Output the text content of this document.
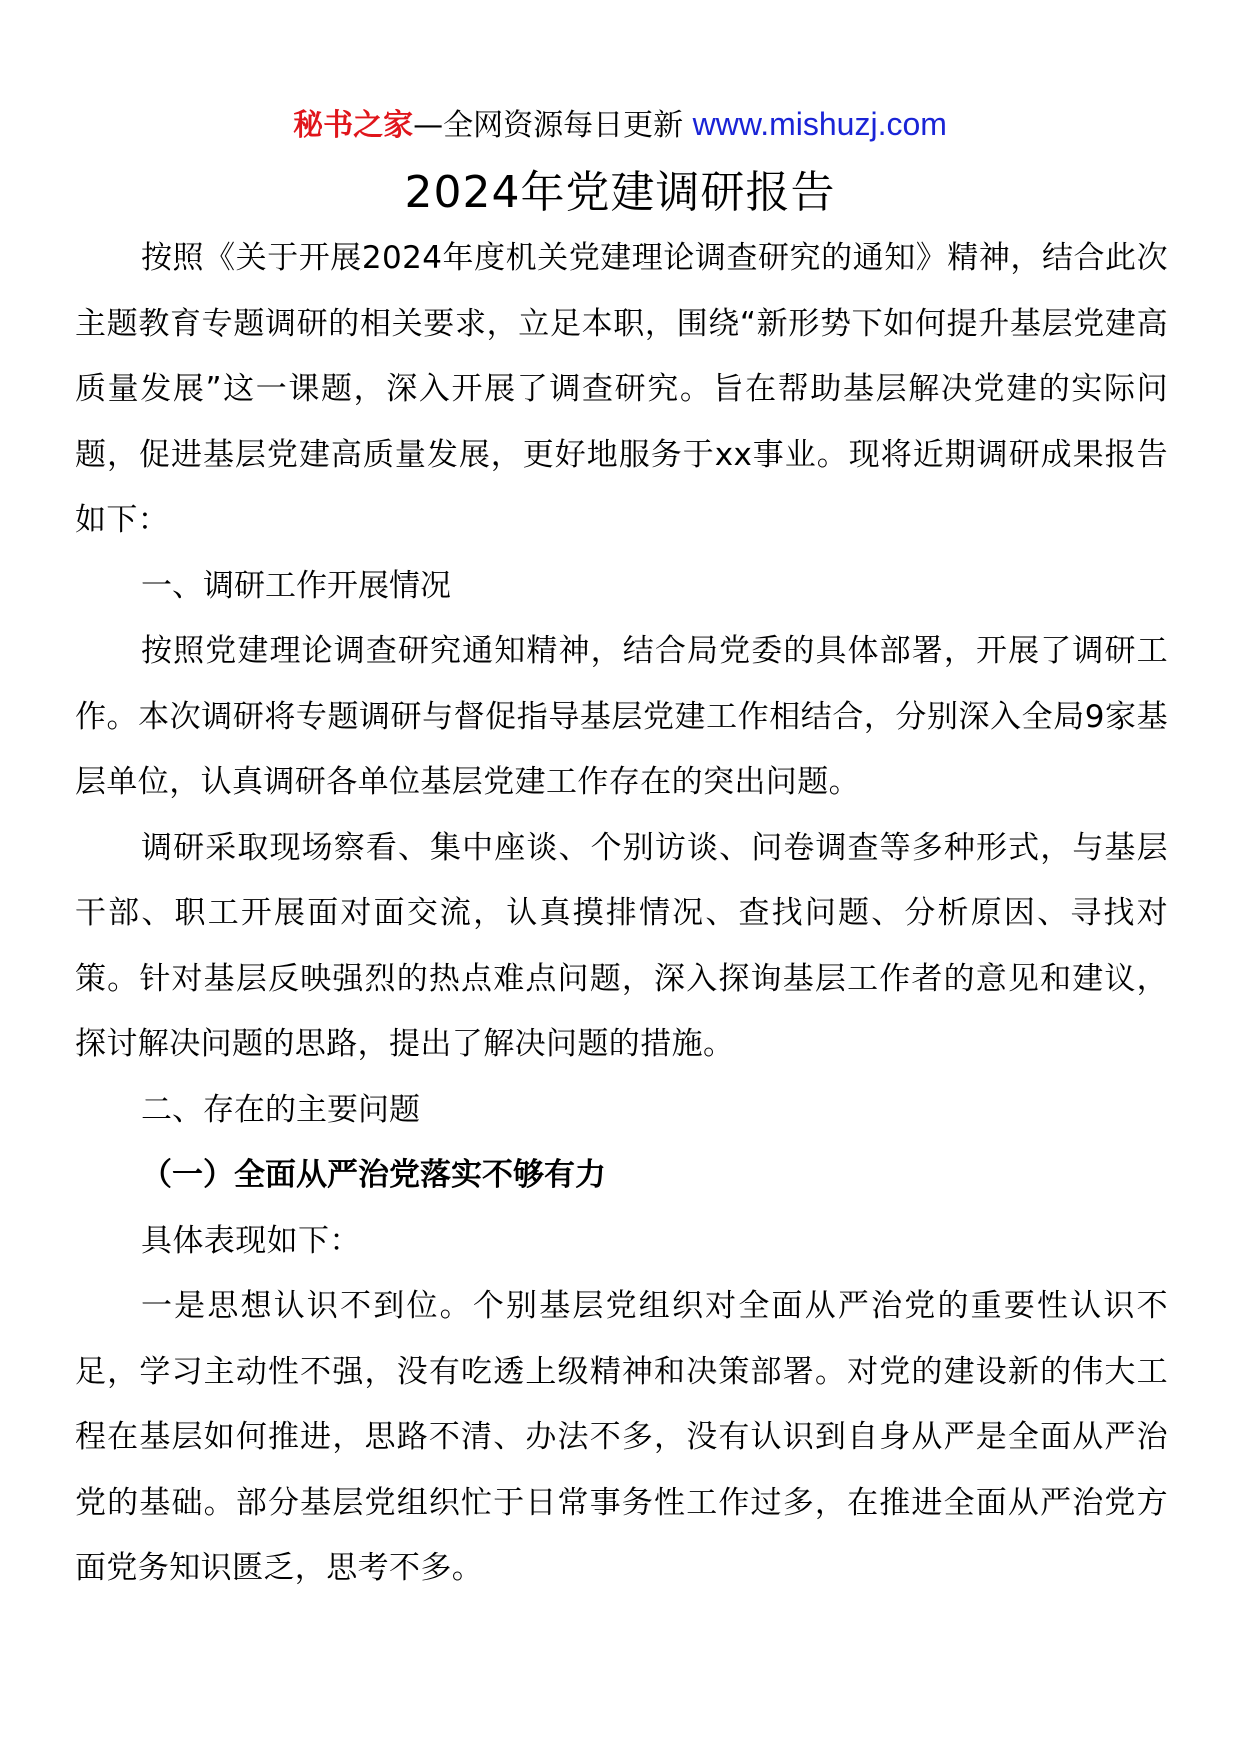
秘书之家—全网资源每日更新 www.mishuzj.com
2024年党建调研报告

按照《关于开展2024年度机关党建理论调查研究的通知》精神，结合此次主题教育专题调研的相关要求，立足本职，围绕“新形势下如何提升基层党建高质量发展”这一课题，深入开展了调查研究。旨在帮助基层解决党建的实际问题，促进基层党建高质量发展，更好地服务于xx事业。现将近期调研成果报告如下：

一、调研工作开展情况

按照党建理论调查研究通知精神，结合局党委的具体部署，开展了调研工作。本次调研将专题调研与督促指导基层党建工作相结合，分别深入全局9家基层单位，认真调研各单位基层党建工作存在的突出问题。

调研采取现场察看、集中座谈、个别访谈、问卷调查等多种形式，与基层干部、职工开展面对面交流，认真摸排情况、查找问题、分析原因、寻找对策。针对基层反映强烈的热点难点问题，深入探询基层工作者的意见和建议，探讨解决问题的思路，提出了解决问题的措施。

二、存在的主要问题

（一）全面从严治党落实不够有力

具体表现如下：

一是思想认识不到位。个别基层党组织对全面从严治党的重要性认识不足，学习主动性不强，没有吃透上级精神和决策部署。对党的建设新的伟大工程在基层如何推进，思路不清、办法不多，没有认识到自身从严是全面从严治党的基础。部分基层党组织忙于日常事务性工作过多，在推进全面从严治党方面党务知识匮乏，思考不多。
